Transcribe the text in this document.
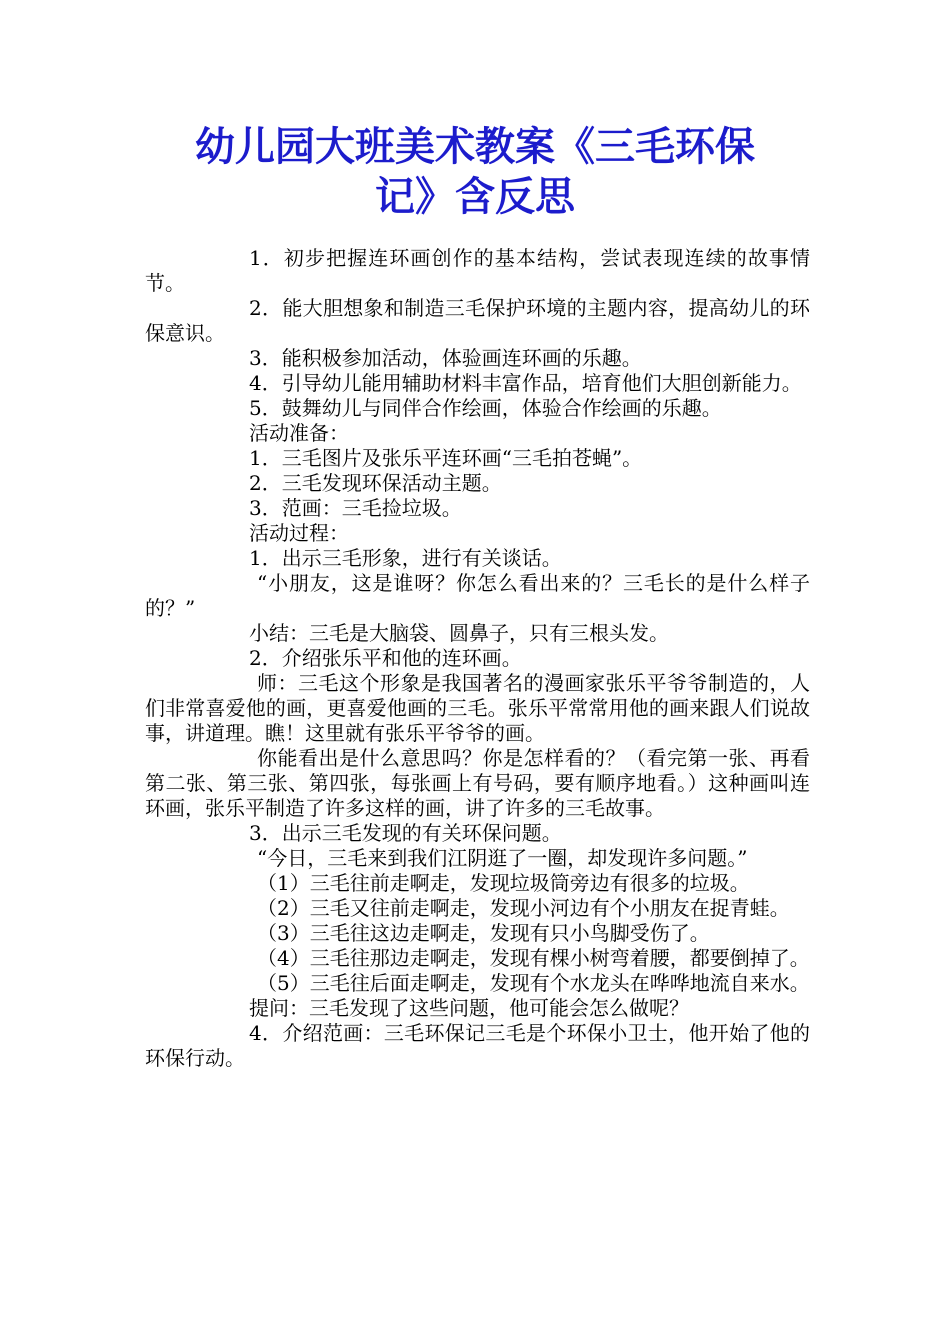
幼儿园大班美术教案《三毛环保
记》含反思

1．初步把握连环画创作的基本结构，尝试表现连续的故事情节。

2．能大胆想象和制造三毛保护环境的主题内容，提高幼儿的环保意识。

3．能积极参加活动，体验画连环画的乐趣。

4．引导幼儿能用辅助材料丰富作品，培育他们大胆创新能力。

5．鼓舞幼儿与同伴合作绘画，体验合作绘画的乐趣。

活动准备：

1．三毛图片及张乐平连环画“三毛拍苍蝇”。

2．三毛发现环保活动主题。

3．范画：三毛捡垃圾。

活动过程：

1．出示三毛形象，进行有关谈话。

“小朋友，这是谁呀？你怎么看出来的？三毛长的是什么样子的？”

小结：三毛是大脑袋、圆鼻子，只有三根头发。

2．介绍张乐平和他的连环画。

师：三毛这个形象是我国著名的漫画家张乐平爷爷制造的，人们非常喜爱他的画，更喜爱他画的三毛。张乐平常常用他的画来跟人们说故事，讲道理。瞧！这里就有张乐平爷爷的画。

你能看出是什么意思吗？你是怎样看的？（看完第一张、再看第二张、第三张、第四张，每张画上有号码，要有顺序地看。）这种画叫连环画，张乐平制造了许多这样的画，讲了许多的三毛故事。

3．出示三毛发现的有关环保问题。

“今日，三毛来到我们江阴逛了一圈，却发现许多问题。”

（1）三毛往前走啊走，发现垃圾筒旁边有很多的垃圾。

（2）三毛又往前走啊走，发现小河边有个小朋友在捉青蛙。

（3）三毛往这边走啊走，发现有只小鸟脚受伤了。

（4）三毛往那边走啊走，发现有棵小树弯着腰，都要倒掉了。

（5）三毛往后面走啊走，发现有个水龙头在哗哗地流自来水。

提问：三毛发现了这些问题，他可能会怎么做呢？

4．介绍范画：三毛环保记三毛是个环保小卫士，他开始了他的环保行动。
